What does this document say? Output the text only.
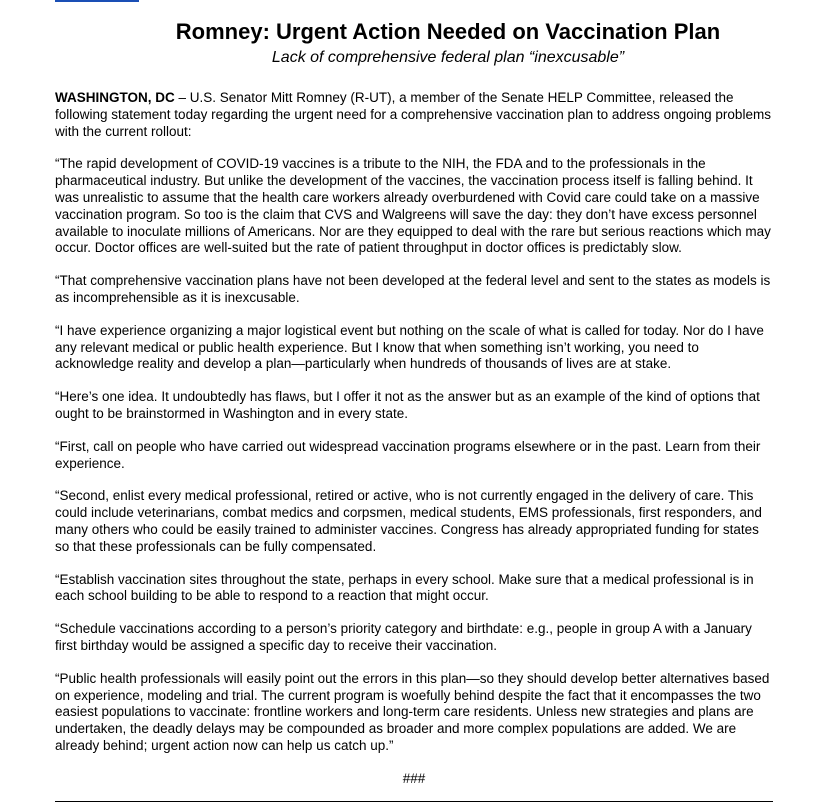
Romney: Urgent Action Needed on Vaccination Plan
Lack of comprehensive federal plan “inexcusable”

WASHINGTON, DC – U.S. Senator Mitt Romney (R-UT), a member of the Senate HELP Committee, released the following statement today regarding the urgent need for a comprehensive vaccination plan to address ongoing problems with the current rollout:

“The rapid development of COVID-19 vaccines is a tribute to the NIH, the FDA and to the professionals in the pharmaceutical industry. But unlike the development of the vaccines, the vaccination process itself is falling behind. It was unrealistic to assume that the health care workers already overburdened with Covid care could take on a massive vaccination program. So too is the claim that CVS and Walgreens will save the day: they don’t have excess personnel available to inoculate millions of Americans. Nor are they equipped to deal with the rare but serious reactions which may occur. Doctor offices are well-suited but the rate of patient throughput in doctor offices is predictably slow.

“That comprehensive vaccination plans have not been developed at the federal level and sent to the states as models is as incomprehensible as it is inexcusable.

“I have experience organizing a major logistical event but nothing on the scale of what is called for today. Nor do I have any relevant medical or public health experience. But I know that when something isn’t working, you need to acknowledge reality and develop a plan—particularly when hundreds of thousands of lives are at stake.

“Here’s one idea. It undoubtedly has flaws, but I offer it not as the answer but as an example of the kind of options that ought to be brainstormed in Washington and in every state.

“First, call on people who have carried out widespread vaccination programs elsewhere or in the past. Learn from their experience.

“Second, enlist every medical professional, retired or active, who is not currently engaged in the delivery of care. This could include veterinarians, combat medics and corpsmen, medical students, EMS professionals, first responders, and many others who could be easily trained to administer vaccines. Congress has already appropriated funding for states so that these professionals can be fully compensated.

“Establish vaccination sites throughout the state, perhaps in every school. Make sure that a medical professional is in each school building to be able to respond to a reaction that might occur.

“Schedule vaccinations according to a person’s priority category and birthdate: e.g., people in group A with a January first birthday would be assigned a specific day to receive their vaccination.

“Public health professionals will easily point out the errors in this plan—so they should develop better alternatives based on experience, modeling and trial. The current program is woefully behind despite the fact that it encompasses the two easiest populations to vaccinate: frontline workers and long-term care residents. Unless new strategies and plans are undertaken, the deadly delays may be compounded as broader and more complex populations are added. We are already behind; urgent action now can help us catch up.”

###
